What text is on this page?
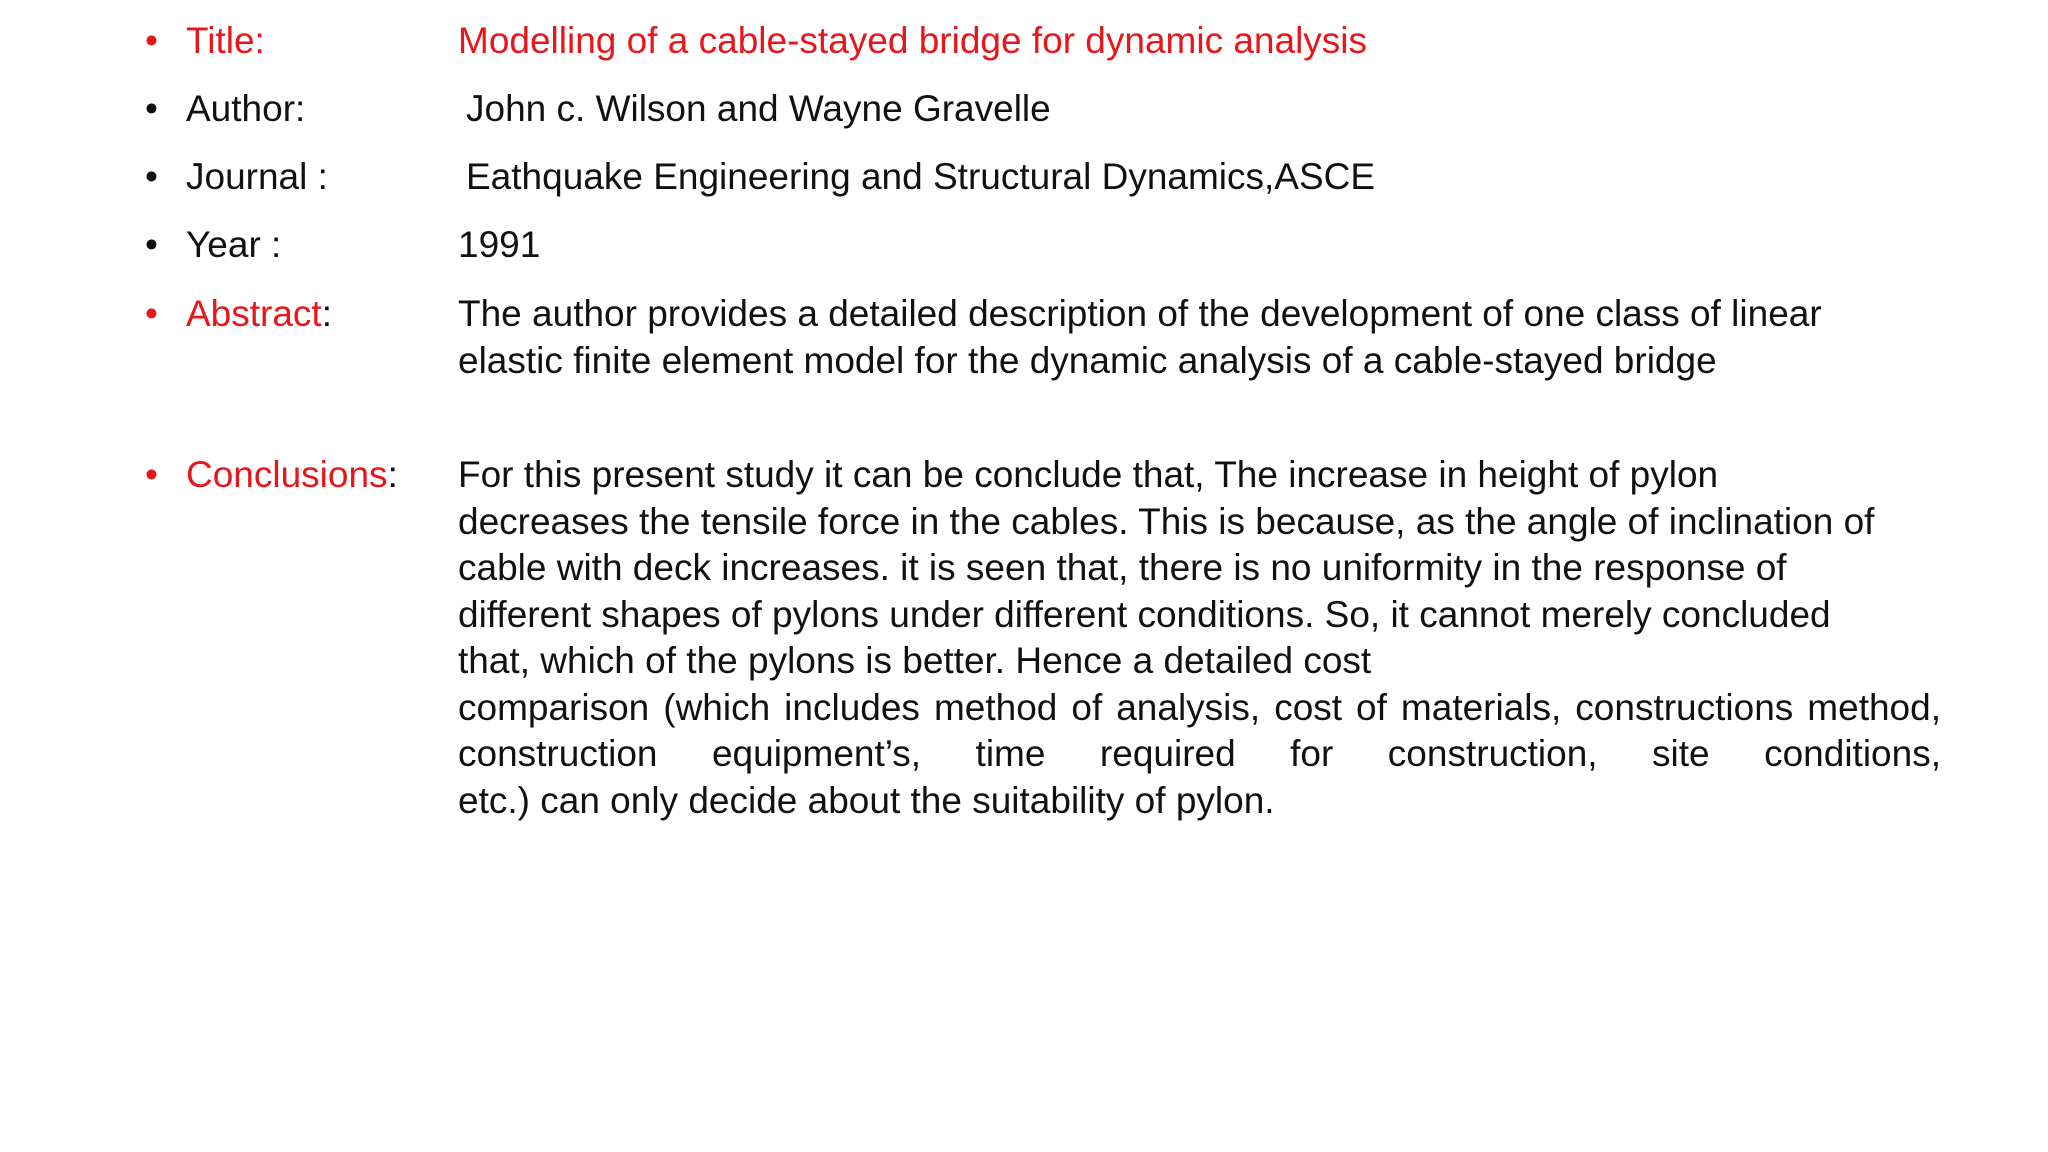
• Title:	Modelling of a cable-stayed bridge for dynamic analysis
• Author:	John c. Wilson and Wayne Gravelle
• Journal :	Eathquake Engineering and Structural Dynamics,ASCE
• Year :	1991
• Abstract:	The author provides a detailed description of the development of one class of linear elastic finite element model for the dynamic analysis of a cable-stayed bridge
• Conclusions: For this present study it can be conclude that, The increase in height of pylon decreases the tensile force in the cables. This is because, as the angle of inclination of cable with deck increases. it is seen that, there is no uniformity in the response of different shapes of pylons under different conditions. So, it cannot merely concluded that, which of the pylons is better. Hence a detailed cost
comparison (which includes method of analysis, cost of materials, constructions method, construction equipment’s, time required for construction, site conditions,
etc.) can only decide about the suitability of pylon.
